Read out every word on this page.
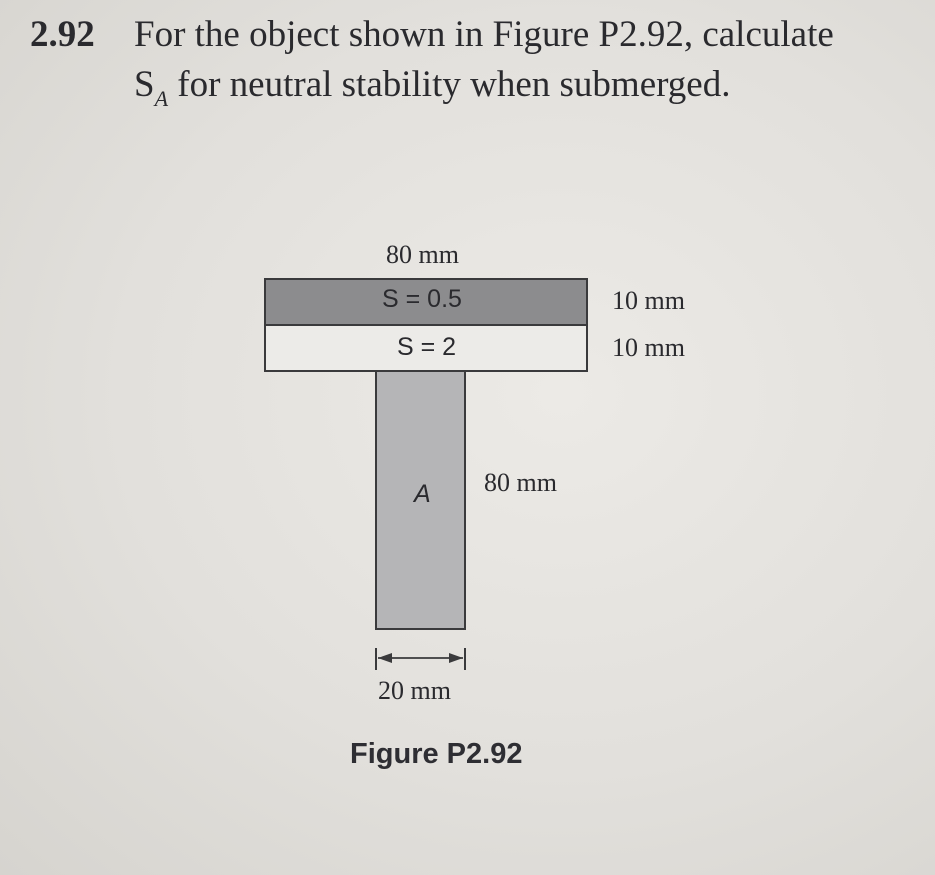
2.92 For the object shown in Figure P2.92, calculate
$S_A$ for neutral stability when submerged.
80 mm
S = 0.5
S = 2
10 mm
10 mm
A 80 mm
20 mm
Figure P2.92
